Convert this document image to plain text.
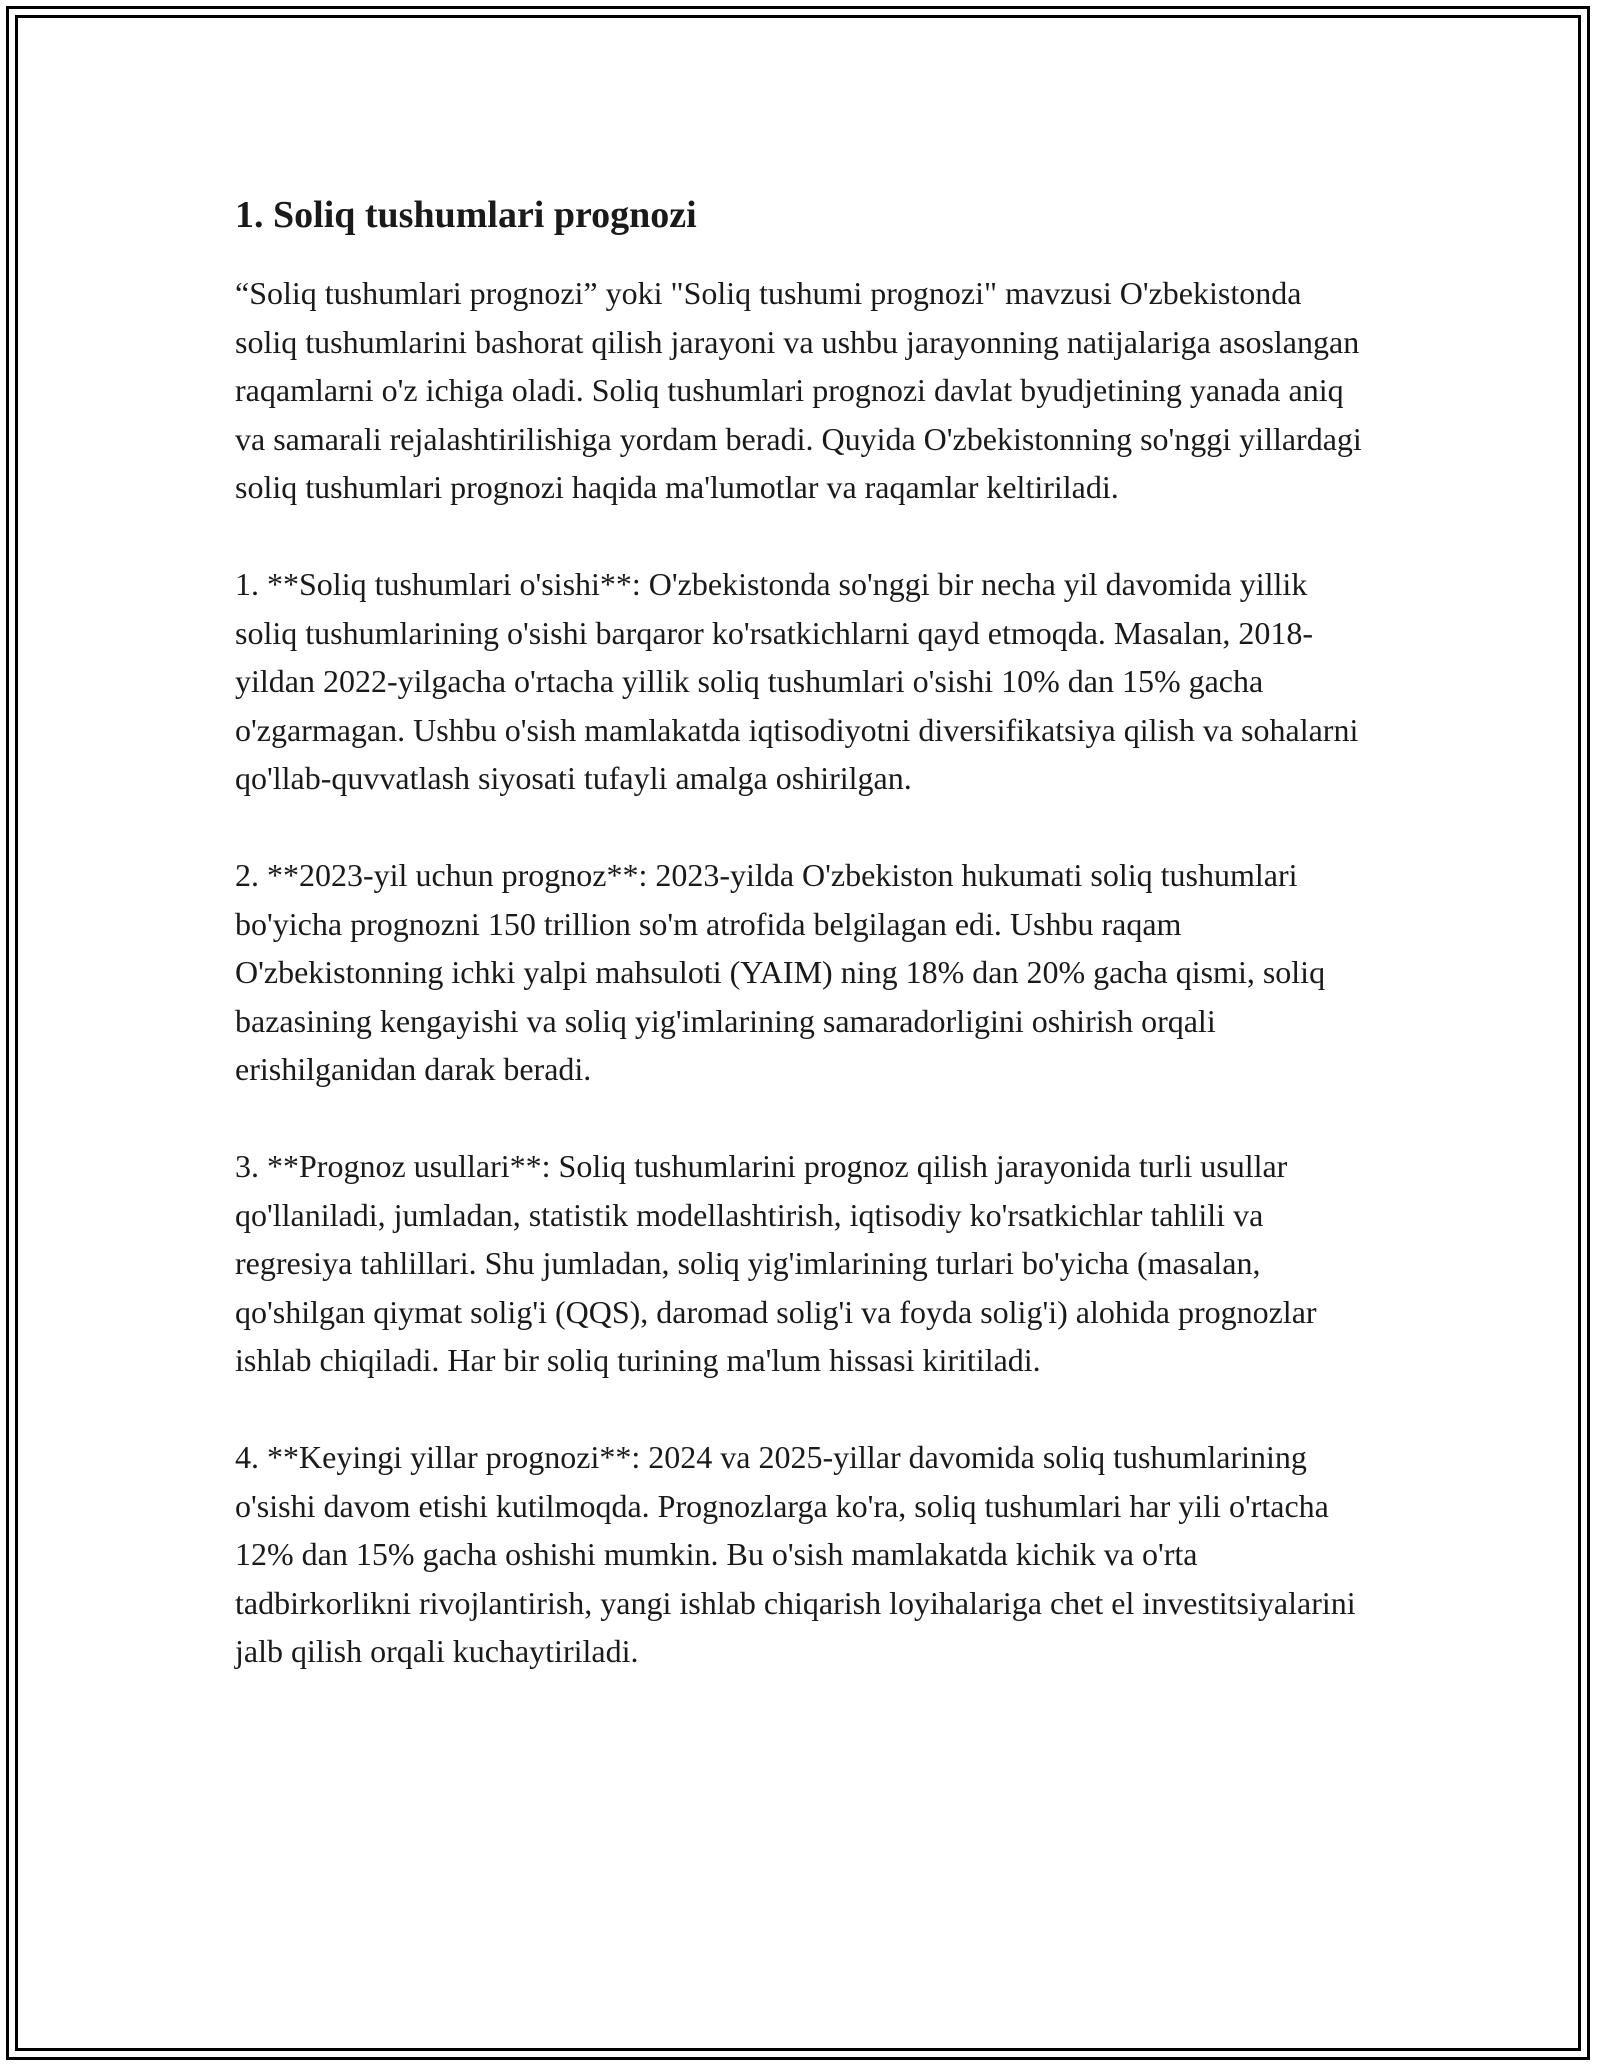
1. Soliq tushumlari prognozi

“Soliq tushumlari prognozi” yoki "Soliq tushumi prognozi" mavzusi O'zbekistonda soliq tushumlarini bashorat qilish jarayoni va ushbu jarayonning natijalariga asoslangan raqamlarni o'z ichiga oladi. Soliq tushumlari prognozi davlat byudjetining yanada aniq va samarali rejalashtirilishiga yordam beradi. Quyida O'zbekistonning so'nggi yillardagi soliq tushumlari prognozi haqida ma'lumotlar va raqamlar keltiriladi.

1. **Soliq tushumlari o'sishi**: O'zbekistonda so'nggi bir necha yil davomida yillik soliq tushumlarining o'sishi barqaror ko'rsatkichlarni qayd etmoqda. Masalan, 2018-yildan 2022-yilgacha o'rtacha yillik soliq tushumlari o'sishi 10% dan 15% gacha o'zgarmagan. Ushbu o'sish mamlakatda iqtisodiyotni diversifikatsiya qilish va sohalarni qo'llab-quvvatlash siyosati tufayli amalga oshirilgan.

2. **2023-yil uchun prognoz**: 2023-yilda O'zbekiston hukumati soliq tushumlari bo'yicha prognozni 150 trillion so'm atrofida belgilagan edi. Ushbu raqam O'zbekistonning ichki yalpi mahsuloti (YAIM) ning 18% dan 20% gacha qismi, soliq bazasining kengayishi va soliq yig'imlarining samaradorligini oshirish orqali erishilganidan darak beradi.

3. **Prognoz usullari**: Soliq tushumlarini prognoz qilish jarayonida turli usullar qo'llaniladi, jumladan, statistik modellashtirish, iqtisodiy ko'rsatkichlar tahlili va regresiya tahlillari. Shu jumladan, soliq yig'imlarining turlari bo'yicha (masalan, qo'shilgan qiymat solig'i (QQS), daromad solig'i va foyda solig'i) alohida prognozlar ishlab chiqiladi. Har bir soliq turining ma'lum hissasi kiritiladi.

4. **Keyingi yillar prognozi**: 2024 va 2025-yillar davomida soliq tushumlarining o'sishi davom etishi kutilmoqda. Prognozlarga ko'ra, soliq tushumlari har yili o'rtacha 12% dan 15% gacha oshishi mumkin. Bu o'sish mamlakatda kichik va o'rta tadbirkorlikni rivojlantirish, yangi ishlab chiqarish loyihalariga chet el investitsiyalarini jalb qilish orqali kuchaytiriladi.
